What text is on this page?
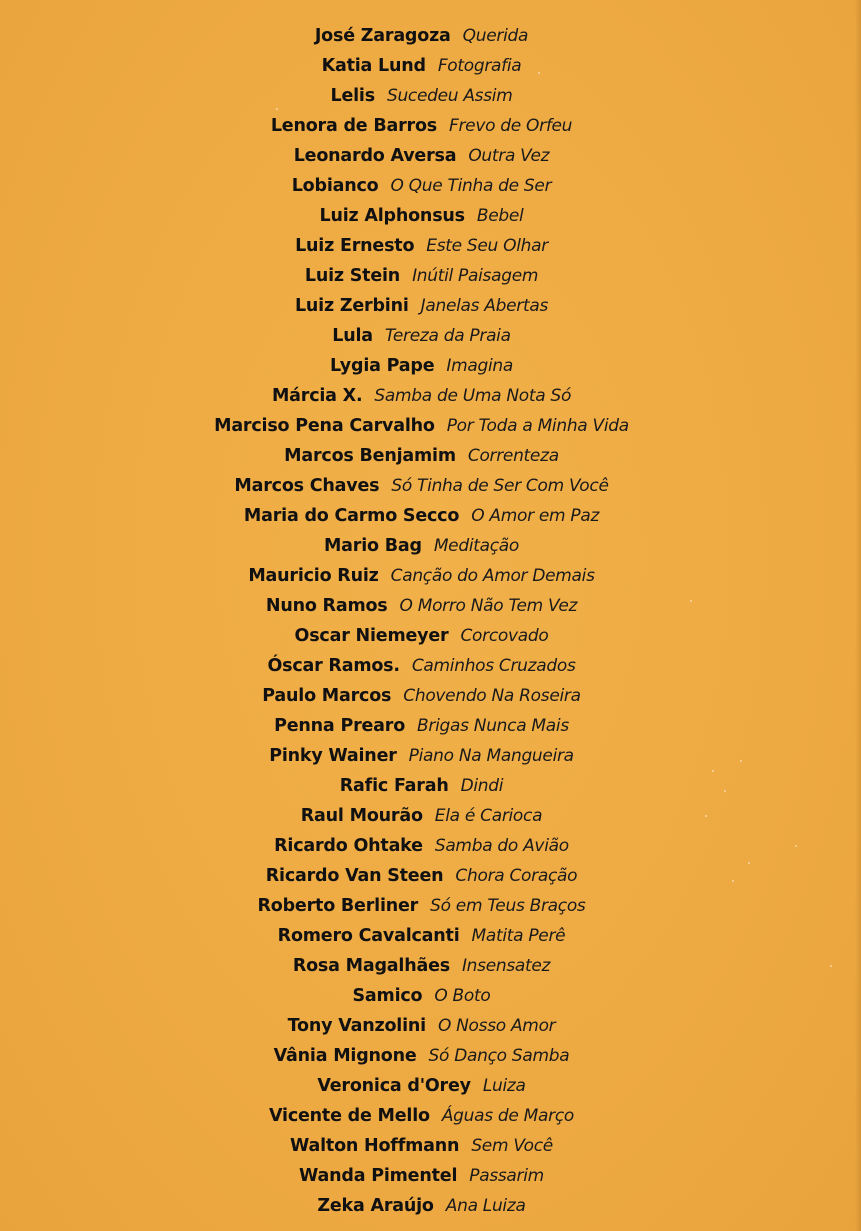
José Zaragoza Querida
Katia Lund Fotografia
Lelis Sucedeu Assim
Lenora de Barros Frevo de Orfeu
Leonardo Aversa Outra Vez
Lobianco O Que Tinha de Ser
Luiz Alphonsus Bebel
Luiz Ernesto Este Seu Olhar
Luiz Stein Inútil Paisagem
Luiz Zerbini Janelas Abertas
Lula Tereza da Praia
Lygia Pape Imagina
Márcia X. Samba de Uma Nota Só
Marciso Pena Carvalho Por Toda a Minha Vida
Marcos Benjamim Correnteza
Marcos Chaves Só Tinha de Ser Com Você
Maria do Carmo Secco O Amor em Paz
Mario Bag Meditação
Mauricio Ruiz Canção do Amor Demais
Nuno Ramos O Morro Não Tem Vez
Oscar Niemeyer Corcovado
Óscar Ramos. Caminhos Cruzados
Paulo Marcos Chovendo Na Roseira
Penna Prearo Brigas Nunca Mais
Pinky Wainer Piano Na Mangueira
Rafic Farah Dindi
Raul Mourão Ela é Carioca
Ricardo Ohtake Samba do Avião
Ricardo Van Steen Chora Coração
Roberto Berliner Só em Teus Braços
Romero Cavalcanti Matita Perê
Rosa Magalhães Insensatez
Samico O Boto
Tony Vanzolini O Nosso Amor
Vânia Mignone Só Danço Samba
Veronica d'Orey Luiza
Vicente de Mello Águas de Março
Walton Hoffmann Sem Você
Wanda Pimentel Passarim
Zeka Araújo Ana Luiza
